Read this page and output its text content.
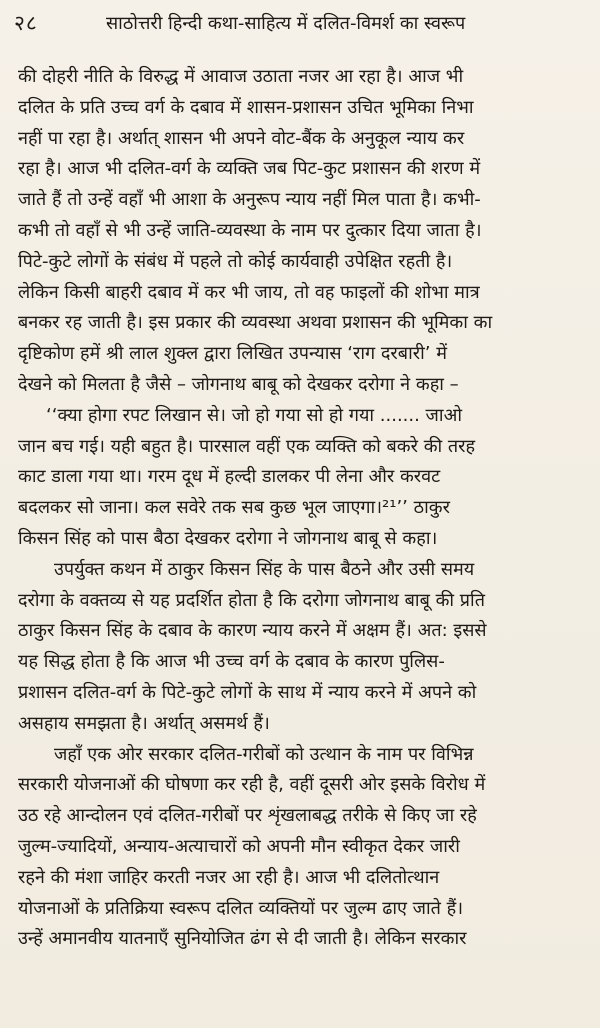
२८	साठोत्तरी हिन्दी कथा-साहित्य में दलित-विमर्श का स्वरूप
की दोहरी नीति के विरुद्ध में आवाज उठाता नजर आ रहा है। आज भी
दलित के प्रति उच्च वर्ग के दबाव में शासन-प्रशासन उचित भूमिका निभा
नहीं पा रहा है। अर्थात् शासन भी अपने वोट-बैंक के अनुकूल न्याय कर
रहा है। आज भी दलित-वर्ग के व्यक्ति जब पिट-कुट प्रशासन की शरण में
जाते हैं तो उन्हें वहाँ भी आशा के अनुरूप न्याय नहीं मिल पाता है। कभी-
कभी तो वहाँ से भी उन्हें जाति-व्यवस्था के नाम पर दुत्कार दिया जाता है।
पिटे-कुटे लोगों के संबंध में पहले तो कोई कार्यवाही उपेक्षित रहती है।
लेकिन किसी बाहरी दबाव में कर भी जाय, तो वह फाइलों की शोभा मात्र
बनकर रह जाती है। इस प्रकार की व्यवस्था अथवा प्रशासन की भूमिका का
दृष्टिकोण हमें श्री लाल शुक्ल द्वारा लिखित उपन्यास ‘राग दरबारी’ में
देखने को मिलता है जैसे – जोगनाथ बाबू को देखकर दरोगा ने कहा –
‘‘क्या होगा रपट लिखान से। जो हो गया सो हो गया ....... जाओ
जान बच गई। यही बहुत है। पारसाल वहीं एक व्यक्ति को बकरे की तरह
काट डाला गया था। गरम दूध में हल्दी डालकर पी लेना और करवट
बदलकर सो जाना। कल सवेरे तक सब कुछ भूल जाएगा।²¹’’ ठाकुर
किसन सिंह को पास बैठा देखकर दरोगा ने जोगनाथ बाबू से कहा।
उपर्युक्त कथन में ठाकुर किसन सिंह के पास बैठने और उसी समय
दरोगा के वक्तव्य से यह प्रदर्शित होता है कि दरोगा जोगनाथ बाबू की प्रति
ठाकुर किसन सिंह के दबाव के कारण न्याय करने में अक्षम हैं। अत: इससे
यह सिद्ध होता है कि आज भी उच्च वर्ग के दबाव के कारण पुलिस-
प्रशासन दलित-वर्ग के पिटे-कुटे लोगों के साथ में न्याय करने में अपने को
असहाय समझता है। अर्थात् असमर्थ हैं।
जहाँ एक ओर सरकार दलित-गरीबों को उत्थान के नाम पर विभिन्न
सरकारी योजनाओं की घोषणा कर रही है, वहीं दूसरी ओर इसके विरोध में
उठ रहे आन्दोलन एवं दलित-गरीबों पर शृंखलाबद्ध तरीके से किए जा रहे
जुल्म-ज्यादियों, अन्याय-अत्याचारों को अपनी मौन स्वीकृत देकर जारी
रहने की मंशा जाहिर करती नजर आ रही है। आज भी दलितोत्थान
योजनाओं के प्रतिक्रिया स्वरूप दलित व्यक्तियों पर जुल्म ढाए जाते हैं।
उन्हें अमानवीय यातनाएँ सुनियोजित ढंग से दी जाती है। लेकिन सरकार
